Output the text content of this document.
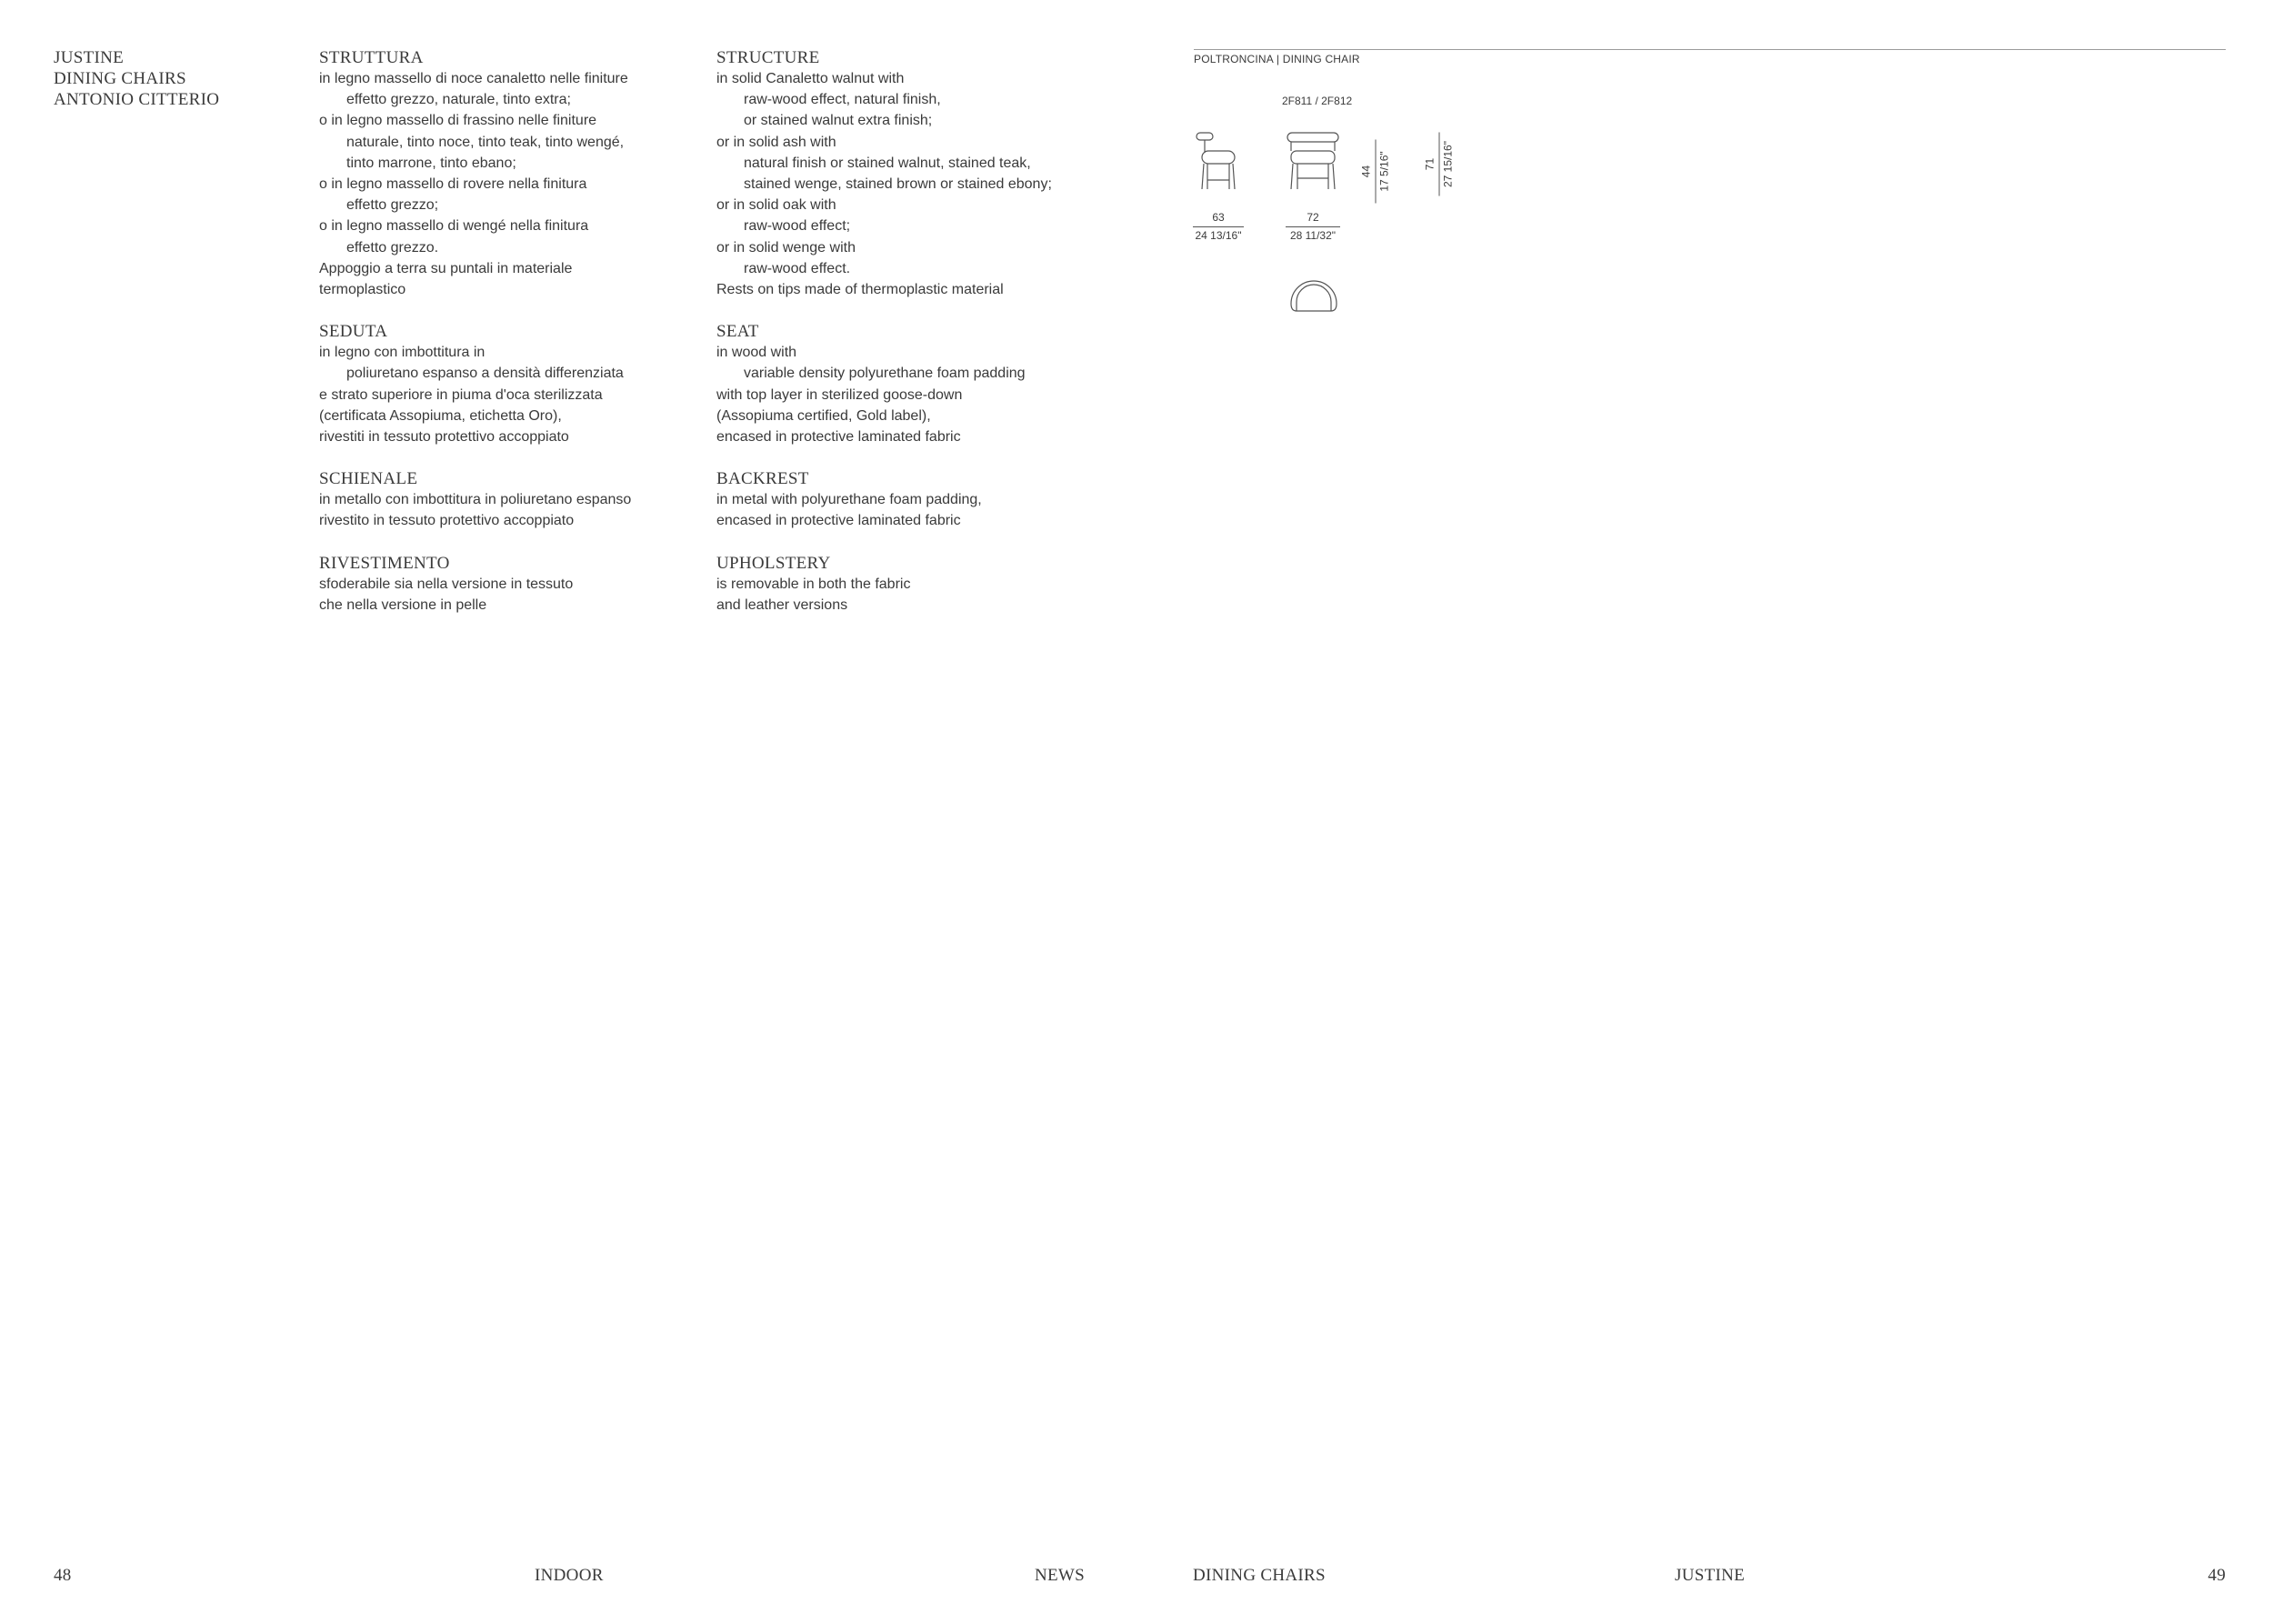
JUSTINE
DINING CHAIRS
ANTONIO CITTERIO
STRUTTURA
in legno massello di noce canaletto nelle finiture
effetto grezzo, naturale, tinto extra;
o in legno massello di frassino nelle finiture
naturale, tinto noce, tinto teak, tinto wengé,
tinto marrone, tinto ebano;
o in legno massello di rovere nella finitura
effetto grezzo;
o in legno massello di wengé nella finitura
effetto grezzo.
Appoggio a terra su puntali in materiale
termoplastico
SEDUTA
in legno con imbottitura in
poliuretano espanso a densità differenziata
e strato superiore in piuma d'oca sterilizzata
(certificata Assopiuma, etichetta Oro),
rivestiti in tessuto protettivo accoppiato
SCHIENALE
in metallo con imbottitura in poliuretano espanso
rivestito in tessuto protettivo accoppiato
RIVESTIMENTO
sfoderabile sia nella versione in tessuto
che nella versione in pelle
STRUCTURE
in solid Canaletto walnut with
raw-wood effect, natural finish,
or stained walnut extra finish;
or in solid ash with
natural finish or stained walnut, stained teak,
stained wenge, stained brown or stained ebony;
or in solid oak with
raw-wood effect;
or in solid wenge with
raw-wood effect.
Rests on tips made of thermoplastic material
SEAT
in wood with
variable density polyurethane foam padding
with top layer in sterilized goose-down
(Assopiuma certified, Gold label),
encased in protective laminated fabric
BACKREST
in metal with polyurethane foam padding,
encased in protective laminated fabric
UPHOLSTERY
is removable in both the fabric
and leather versions
POLTRONCINA | DINING CHAIR
2F811 / 2F812
63
24 13/16"
72
28 11/32"
44 17 5/16"	71 27 15/16"
48	INDOOR	NEWS	DINING CHAIRS	JUSTINE	49
